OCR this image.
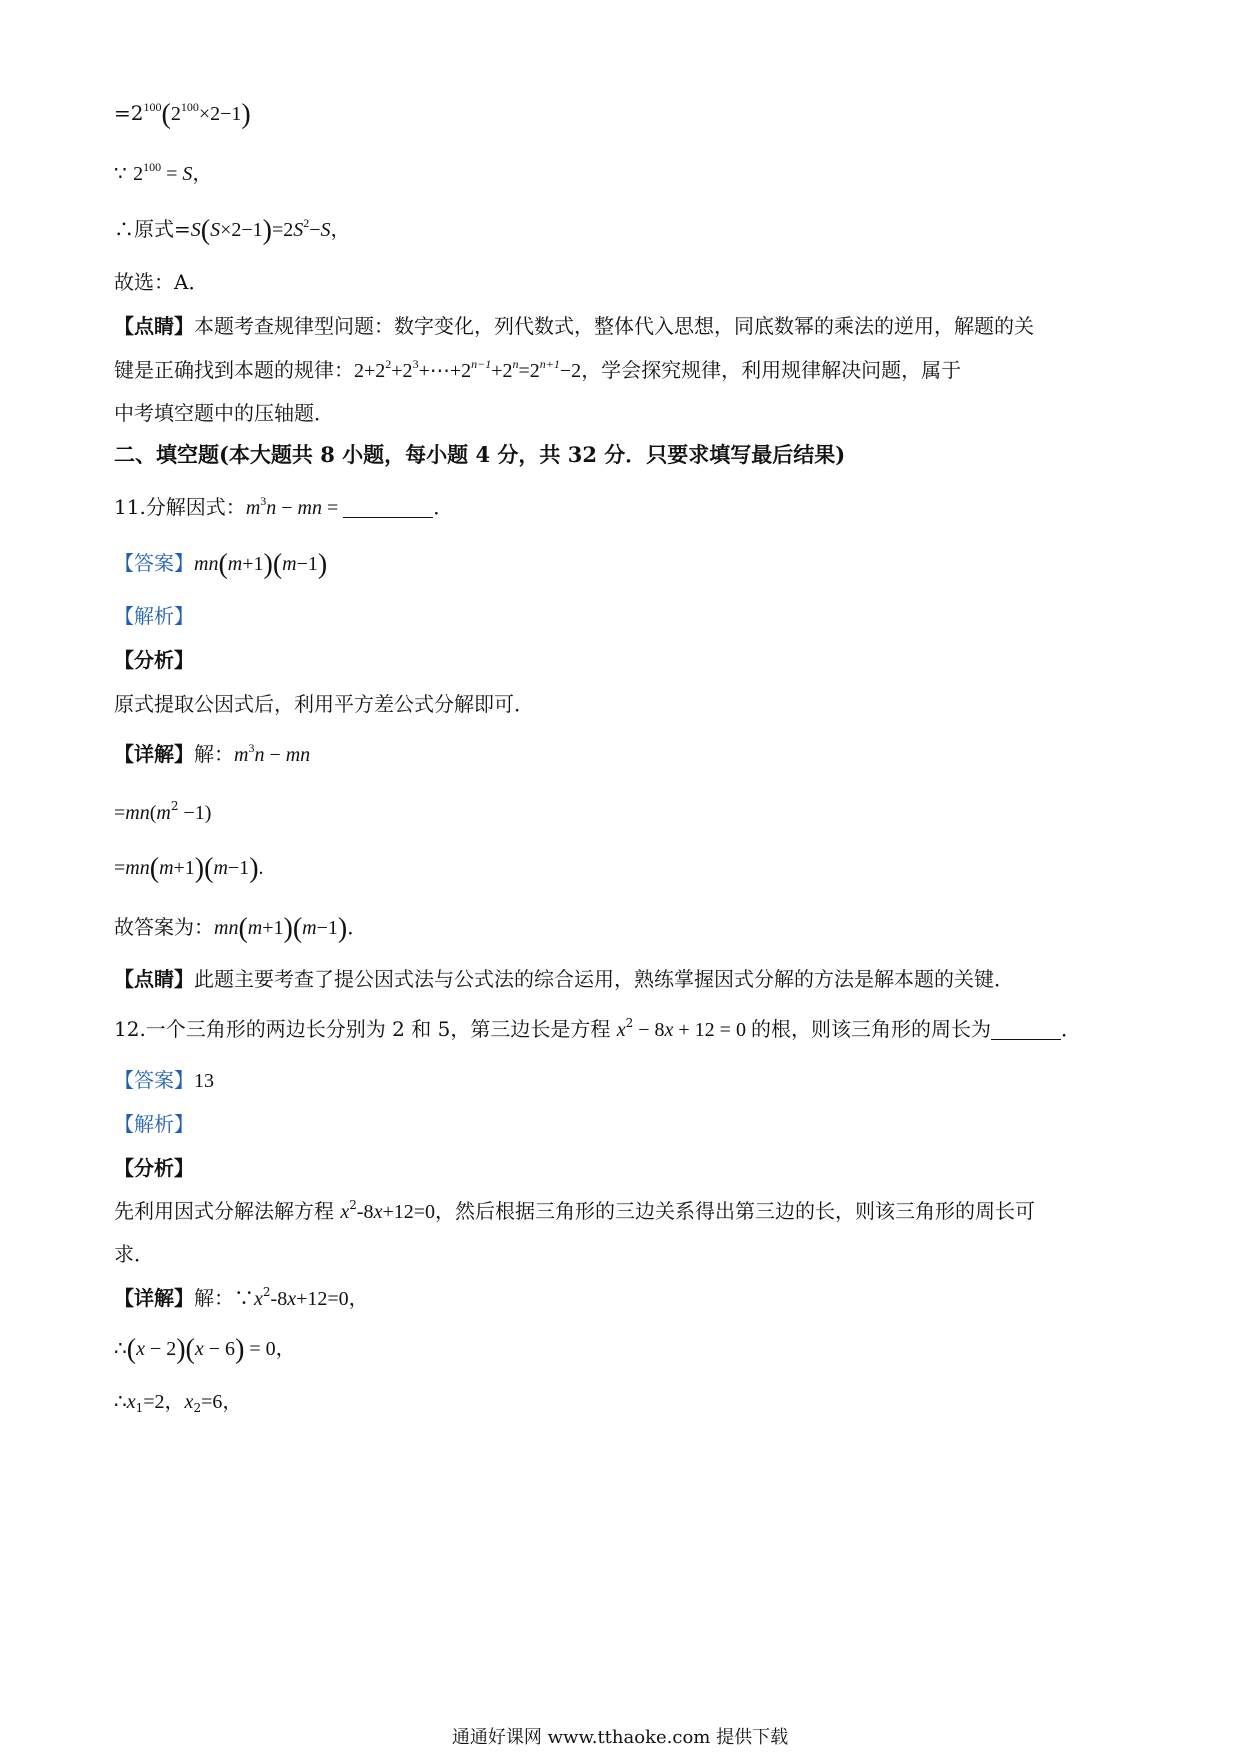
$=2^{100}(2^{100}\times 2-1)$
∵ $2^{100} = S$，
∴原式$=S(S\times 2-1)=2S^2-S$，
故选：A．
【点睛】本题考查规律型问题：数字变化，列代数式，整体代入思想，同底数幂的乘法的逆用，解题的关
键是正确找到本题的规律：$2+2^2+2^3+\cdots+2^{n-1}+2^n=2^{n+1}-2$，学会探究规律，利用规律解决问题，属于
中考填空题中的压轴题．
二、填空题(本大题共 8 小题，每小题 4 分，共 32 分．只要求填写最后结果)
11.分解因式：$m^3n$ − mn =	．
【答案】mn(m+1)(m−1)
【解析】
【分析】
原式提取公因式后，利用平方差公式分解即可．
【详解】解：$m^3n$ − mn
$=mn(m^2 -1)$
=mn(m+1)(m−1).
故答案为：mn(m+1)(m−1)．
【点睛】此题主要考查了提公因式法与公式法的综合运用，熟练掌握因式分解的方法是解本题的关键．
12.一个三角形的两边长分别为 2 和 5，第三边长是方程 $x^2 - 8x + 12 = 0$ 的根，则该三角形的周长为	．
【答案】13
【解析】
【分析】
先利用因式分解法解方程 $x^2-8x+12=0$，然后根据三角形的三边关系得出第三边的长，则该三角形的周长可
求．
【详解】解：$\because x^2-8x+12=0$，
∴(x − 2)(x − 6) = 0，
$\therefore x_1=2$，$x_2=6$，
通通好课网 www.tthaoke.com 提供下载
